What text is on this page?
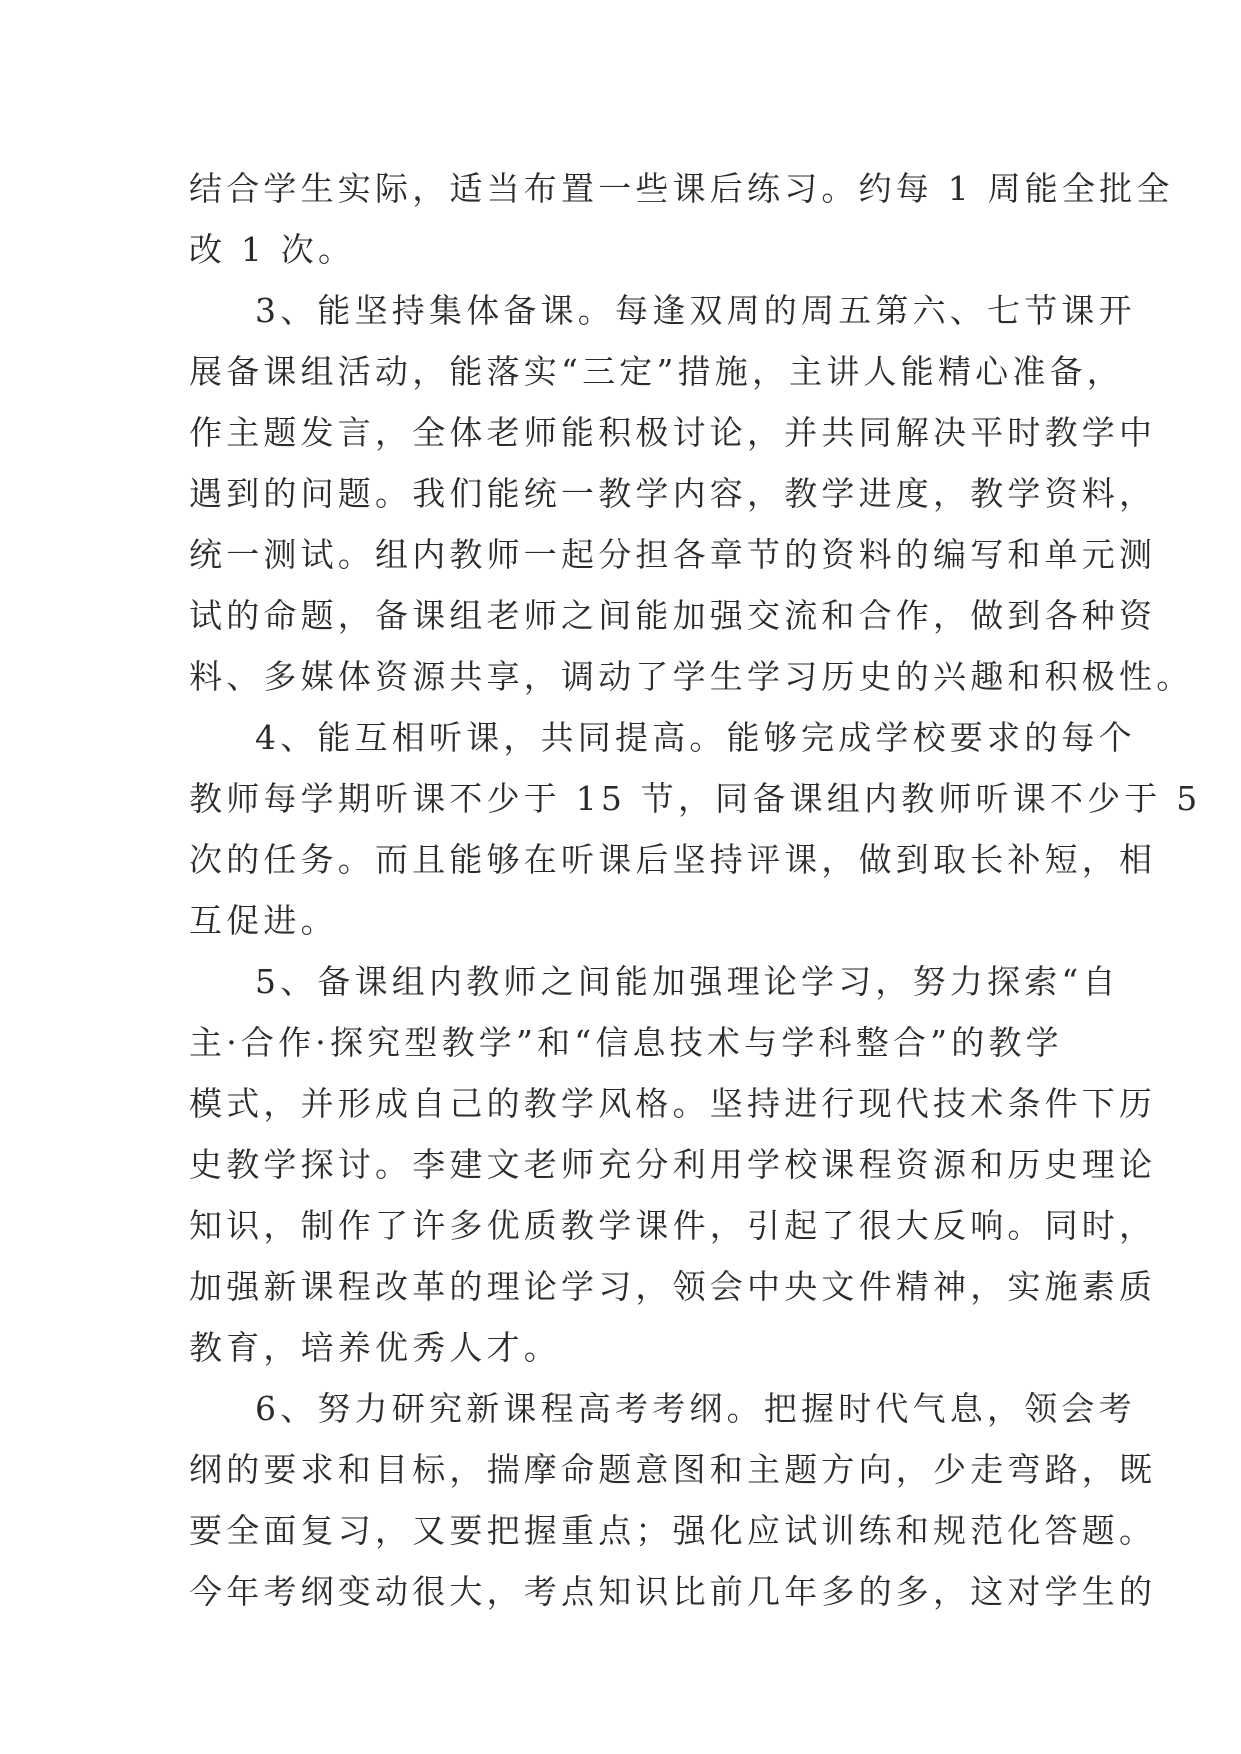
结合学生实际，适当布置一些课后练习。约每 1 周能全批全
改 1 次。
3、能坚持集体备课。每逢双周的周五第六、七节课开
展备课组活动，能落实“三定”措施，主讲人能精心准备，
作主题发言，全体老师能积极讨论，并共同解决平时教学中
遇到的问题。我们能统一教学内容，教学进度，教学资料，
统一测试。组内教师一起分担各章节的资料的编写和单元测
试的命题，备课组老师之间能加强交流和合作，做到各种资
料、多媒体资源共享，调动了学生学习历史的兴趣和积极性。
4、能互相听课，共同提高。能够完成学校要求的每个
教师每学期听课不少于 15 节，同备课组内教师听课不少于 5
次的任务。而且能够在听课后坚持评课，做到取长补短，相
互促进。
5、备课组内教师之间能加强理论学习，努力探索“自
主·合作·探究型教学”和“信息技术与学科整合”的教学
模式，并形成自己的教学风格。坚持进行现代技术条件下历
史教学探讨。李建文老师充分利用学校课程资源和历史理论
知识，制作了许多优质教学课件，引起了很大反响。同时，
加强新课程改革的理论学习，领会中央文件精神，实施素质
教育，培养优秀人才。
6、努力研究新课程高考考纲。把握时代气息，领会考
纲的要求和目标，揣摩命题意图和主题方向，少走弯路，既
要全面复习，又要把握重点；强化应试训练和规范化答题。
今年考纲变动很大，考点知识比前几年多的多，这对学生的
